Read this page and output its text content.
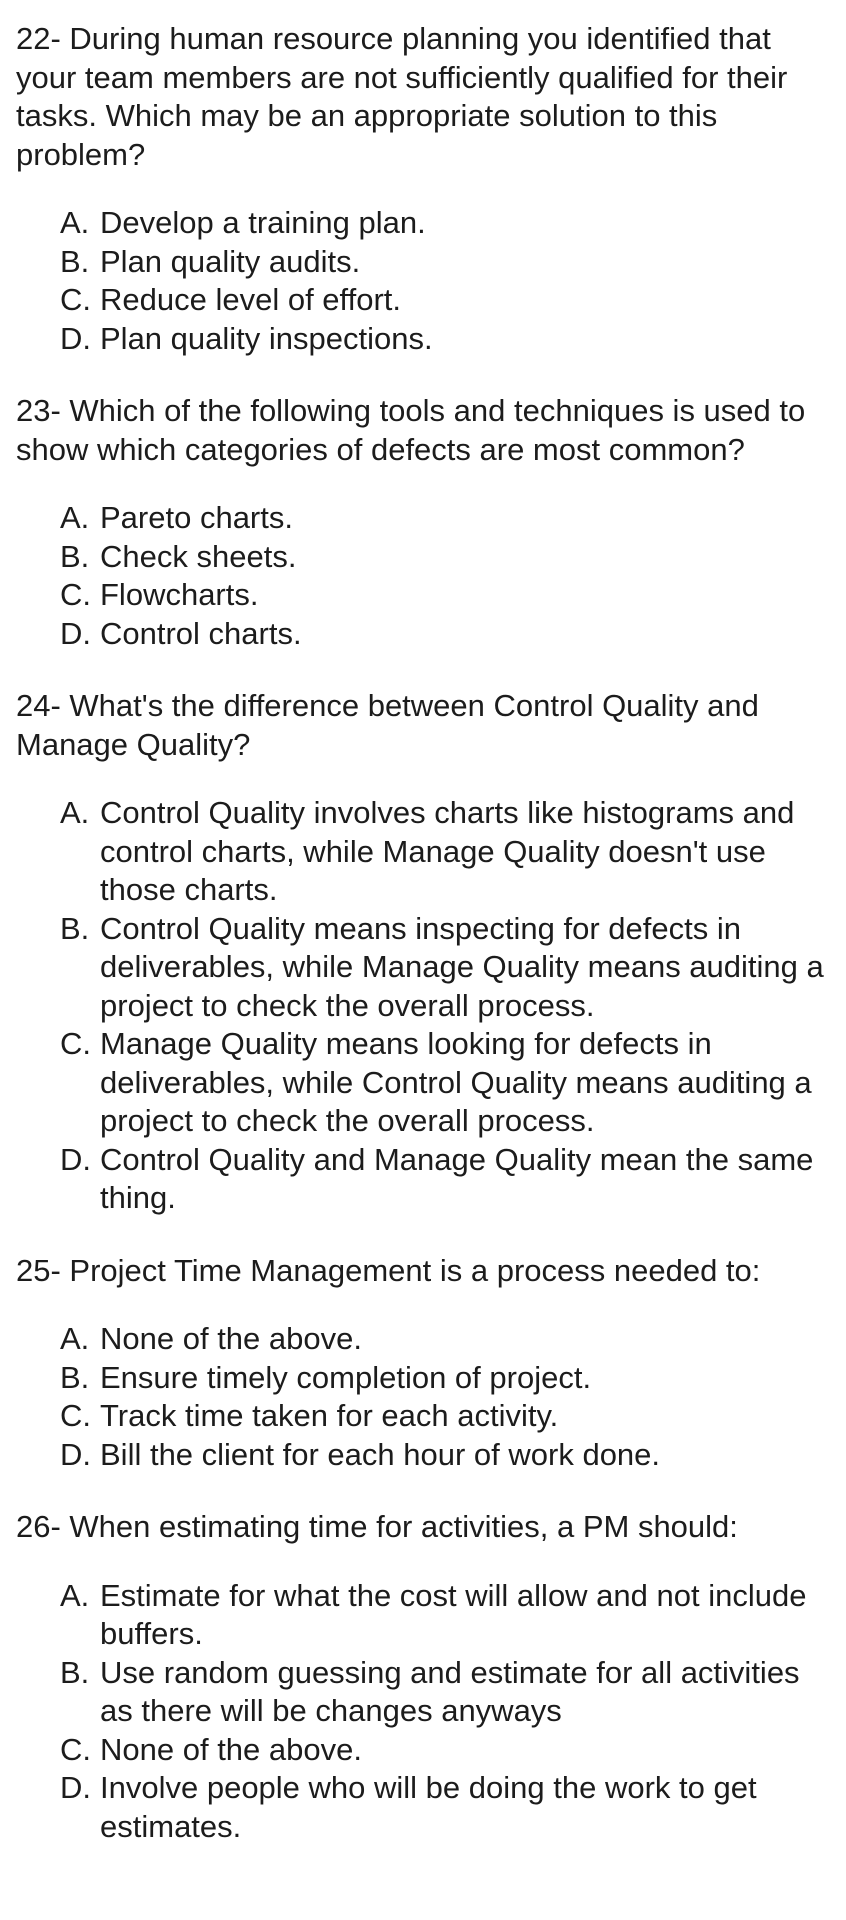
22- During human resource planning you identified that your team members are not sufficiently qualified for their tasks. Which may be an appropriate solution to this problem?

A. Develop a training plan.
B. Plan quality audits.
C. Reduce level of effort.
D. Plan quality inspections.

23- Which of the following tools and techniques is used to show which categories of defects are most common?

A. Pareto charts.
B. Check sheets.
C. Flowcharts.
D. Control charts.

24- What's the difference between Control Quality and Manage Quality?

A. Control Quality involves charts like histograms and control charts, while Manage Quality doesn't use those charts.
B. Control Quality means inspecting for defects in deliverables, while Manage Quality means auditing a project to check the overall process.
C. Manage Quality means looking for defects in deliverables, while Control Quality means auditing a project to check the overall process.
D. Control Quality and Manage Quality mean the same thing.

25- Project Time Management is a process needed to:

A. None of the above.
B. Ensure timely completion of project.
C. Track time taken for each activity.
D. Bill the client for each hour of work done.

26- When estimating time for activities, a PM should:

A. Estimate for what the cost will allow and not include buffers.
B. Use random guessing and estimate for all activities as there will be changes anyways
C. None of the above.
D. Involve people who will be doing the work to get estimates.
